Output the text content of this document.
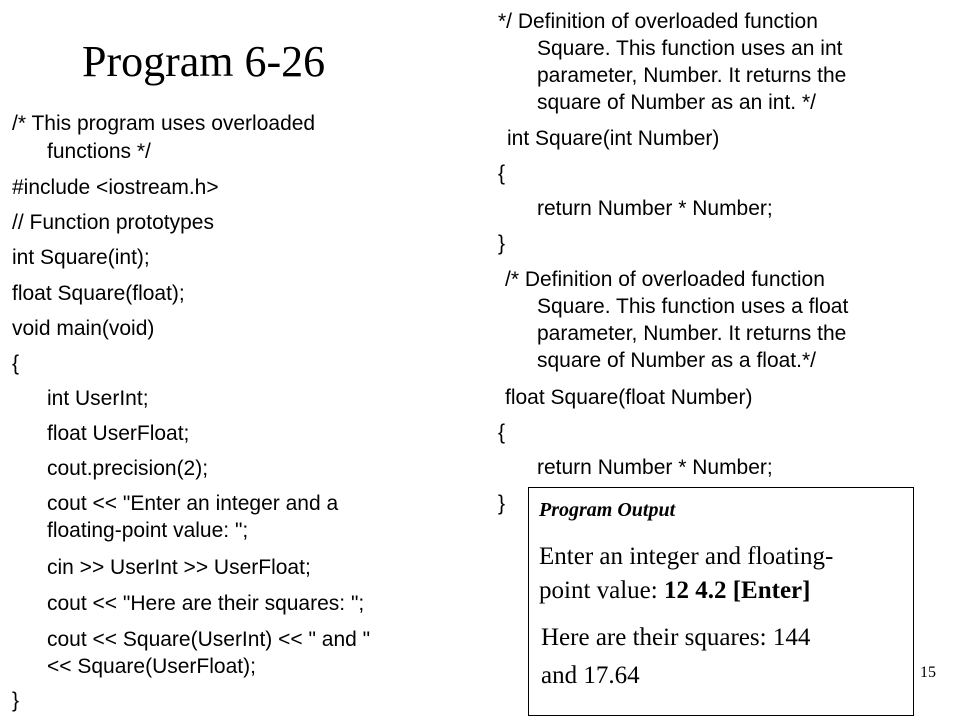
Program 6-26
/* This program uses overloaded
functions */
#include <iostream.h>
// Function prototypes
int Square(int);
float Square(float);
void main(void)
{
int UserInt;
float UserFloat;
cout.precision(2);
cout << "Enter an integer and a
floating-point value: ";
cin >> UserInt >> UserFloat;
cout << "Here are their squares: ";
cout << Square(UserInt) << " and "
<< Square(UserFloat);
}
*/ Definition of overloaded function
Square. This function uses an int
parameter, Number. It returns the
square of Number as an int. */
int Square(int Number)
{
return Number * Number;
}
/* Definition of overloaded function
Square. This function uses a float
parameter, Number. It returns the
square of Number as a float.*/
float Square(float Number)
{
return Number * Number;
} Program Output
Enter an integer and floating-
point value: 12 4.2 [Enter]
Here are their squares: 144
and 17.64	15
